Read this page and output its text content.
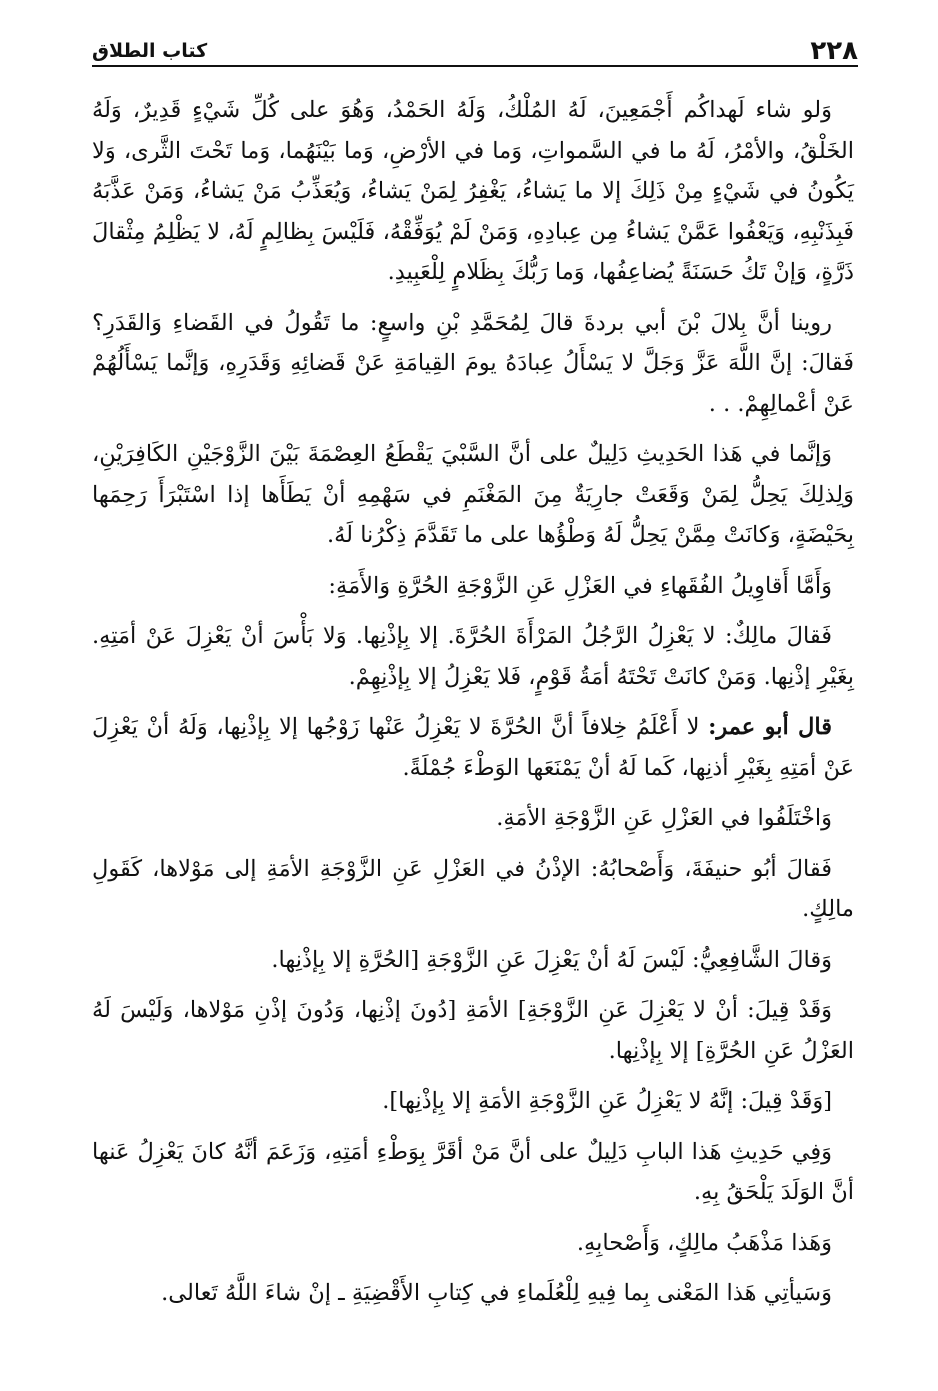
كتاب الطلاق	٢٢٨

وَلو شاء لَهداكُم أَجْمَعِينَ، لَهُ المُلْكُ، وَلَهُ الحَمْدُ، وَهُوَ على كُلِّ شَيْءٍ قَدِيرٌ، وَلَهُ الخَلْقُ، والأمْرُ، لَهُ ما في السَّمواتِ، وَما في الأرْضِ، وَما بَيْنَهُما، وَما تَحْتَ الثَّرى، وَلا يَكُونُ في شَيْءٍ مِنْ ذَلِكَ إلا ما يَشاءُ، يَغْفِرُ لِمَنْ يَشاءُ، وَيُعَذِّبُ مَنْ يَشاءُ، وَمَنْ عَذَّبَهُ فَبِذَنْبِهِ، وَيَعْفُوا عَمَّنْ يَشاءُ مِن عِبادِهِ، وَمَنْ لَمْ يُوَفِّقْهُ، فَلَيْسَ بِظالِمٍ لَهُ، لا يَظْلِمُ مِثْقالَ ذَرَّةٍ، وَإنْ تَكُ حَسَنَةً يُضاعِفُها، وَما رَبُّكَ بِظَلامٍ لِلْعَبِيدِ.

روينا أنَّ بِلالَ بْنَ أبي بردةَ قالَ لِمُحَمَّدِ بْنِ واسعٍ: ما تَقُولُ في القَضاءِ وَالقَدَرِ؟ فَقالَ: إنَّ اللَّهَ عَزَّ وَجَلَّ لا يَسْأَلُ عِبادَهُ يومَ القِيامَةِ عَنْ قَضائِهِ وَقَدَرِهِ، وَإنَّما يَسْأَلُهُمْ عَنْ أعْمالِهِمْ. . .

وَإنَّما في هَذا الحَدِيثِ دَلِيلٌ على أنَّ السَّبْيَ يَقْطَعُ العِصْمَةَ بَيْنَ الزَّوْجَيْنِ الكَافِرَيْنِ، وَلِذلِكَ يَحِلُّ لِمَنْ وَقَعَتْ جارِيَةٌ مِنَ المَغْنَمِ في سَهْمِهِ أنْ يَطَأَها إذا اسْتَبْرَأَ رَحِمَها بِحَيْضَةٍ، وَكانَتْ مِمَّنْ يَحِلُّ لَهُ وَطْؤُها على ما تَقَدَّمَ ذِكْرُنا لَهُ.

وَأَمَّا أَقاوِيلُ الفُقَهاءِ في العَزْلِ عَنِ الزَّوْجَةِ الحُرَّةِ وَالأَمَةِ:

فَقالَ مالِكٌ: لا يَعْزِلُ الرَّجُلُ المَرْأَةَ الحُرَّةَ. إلا بِإذْنِها. وَلا بَأْسَ أنْ يَعْزِلَ عَنْ أمَتِهِ. بِغَيْرِ إذْنِها. وَمَنْ كانَتْ تَحْتَهُ أمَةُ قَوْمٍ، فَلا يَعْزِلُ إلا بِإذْنِهِمْ.

قال أبو عمر: لا أَعْلَمُ خِلافاً أنَّ الحُرَّةَ لا يَعْزِلُ عَنْها زَوْجُها إلا بِإذْنِها، وَلَهُ أنْ يَعْزِلَ عَنْ أمَتِهِ بِغَيْرِ أذنِها، كَما لَهُ أنْ يَمْنَعَها الوَطْءَ جُمْلَةً.

وَاخْتَلَفُوا في العَزْلِ عَنِ الزَّوْجَةِ الأمَةِ.

فَقالَ أبُو حنيفَةَ، وَأَصْحابُهُ: الإذْنُ في العَزْلِ عَنِ الزَّوْجَةِ الأمَةِ إلى مَوْلاها، كَقَولِ مالِكٍ.

وَقالَ الشَّافِعِيُّ: لَيْسَ لَهُ أنْ يَعْزِلَ عَنِ الزَّوْجَةِ [الحُرَّةِ إلا بِإذْنِها.

وَقَدْ قِيلَ: أنْ لا يَعْزِلَ عَنِ الزَّوْجَةِ] الأمَةِ [دُونَ إذْنِها، وَدُونَ إذْنِ مَوْلاها، وَلَيْسَ لَهُ العَزْلُ عَنِ الحُرَّةِ] إلا بِإذْنِها.

[وَقَدْ قِيلَ: إنَّهُ لا يَعْزِلُ عَنِ الزَّوْجَةِ الأمَةِ إلا بِإذْنِها].

وَفِي حَدِيثِ هَذا البابِ دَلِيلٌ على أنَّ مَنْ أقَرَّ بِوَطْءِ أمَتِهِ، وَزَعَمَ أنَّهُ كانَ يَعْزِلُ عَنها أنَّ الوَلَدَ يَلْحَقُ بِهِ.

وَهَذا مَذْهَبُ مالِكٍ، وَأَصْحابِهِ.

وَسَيأتِي هَذا المَعْنى بِما فِيهِ لِلْعُلَماءِ في كِتابِ الأَقْضِيَةِ ـ إنْ شاءَ اللَّهُ تَعالى.
